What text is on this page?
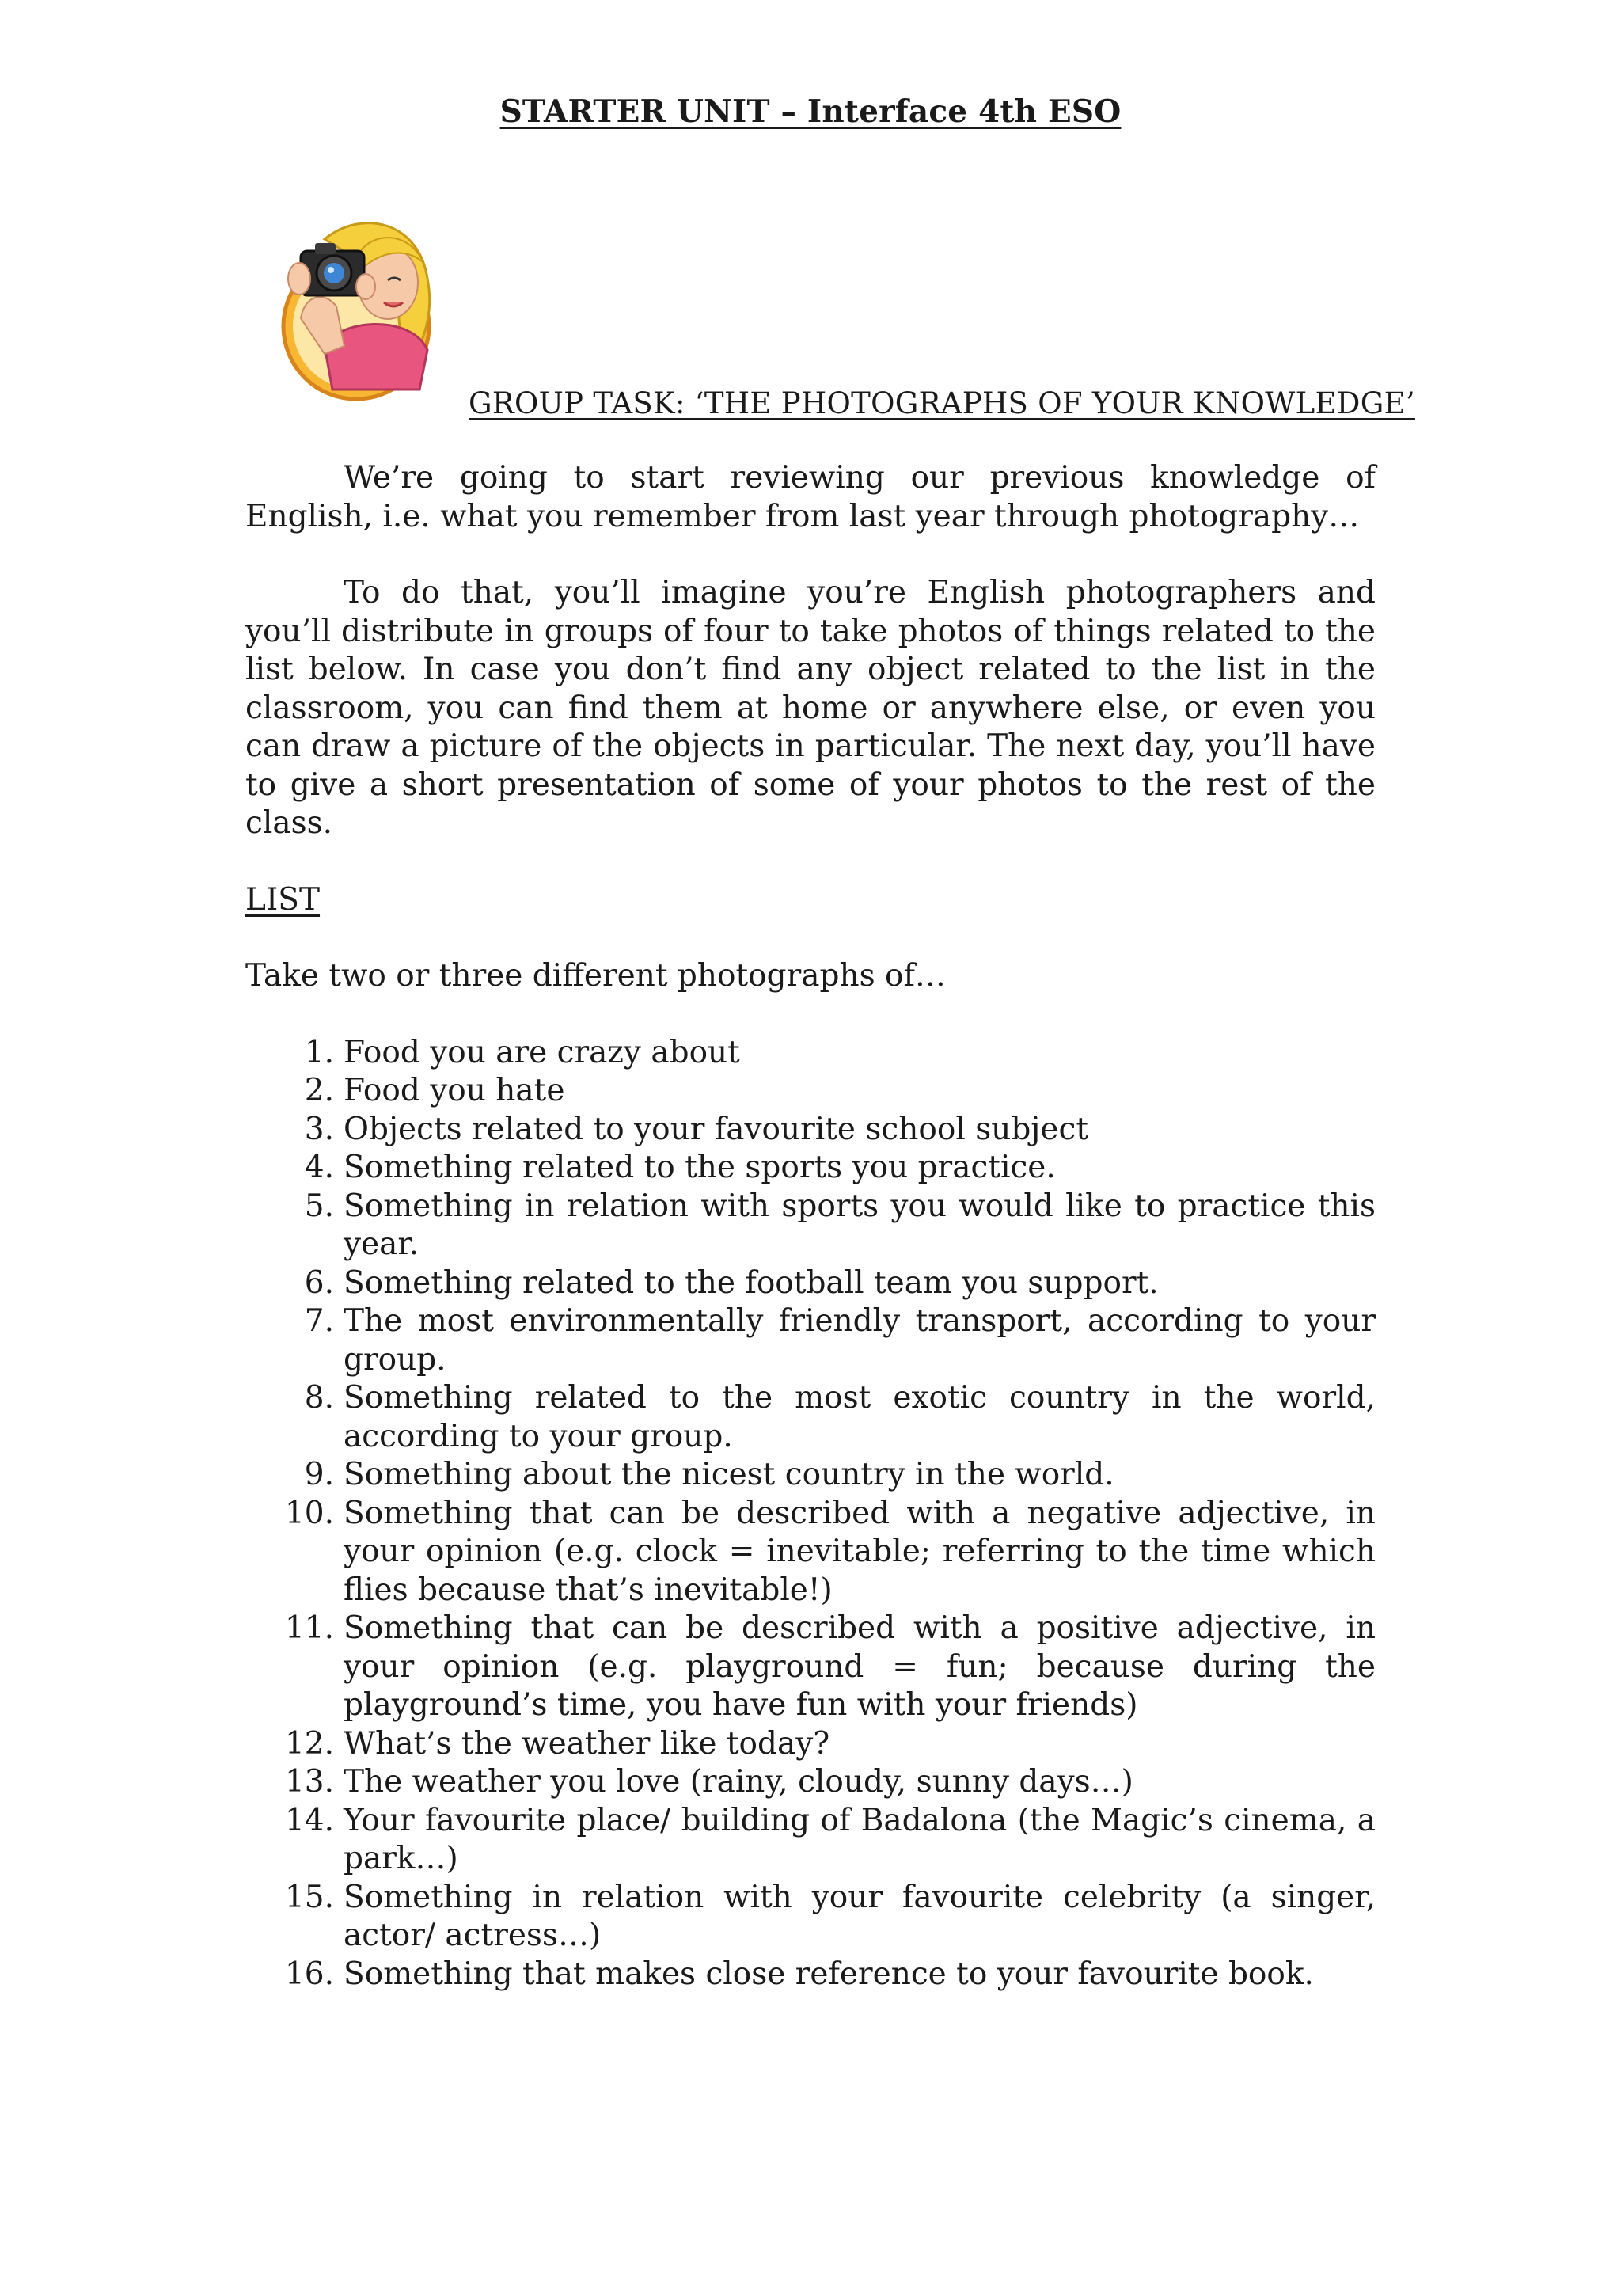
STARTER UNIT – Interface 4th ESO
GROUP TASK: ‘THE PHOTOGRAPHS OF YOUR KNOWLEDGE’

We’re going to start reviewing our previous knowledge of English, i.e. what you remember from last year through photography…

To do that, you’ll imagine you’re English photographers and you’ll distribute in groups of four to take photos of things related to the list below. In case you don’t find any object related to the list in the classroom, you can find them at home or anywhere else, or even you can draw a picture of the objects in particular. The next day, you’ll have to give a short presentation of some of your photos to the rest of the class.

LIST

Take two or three different photographs of…

1. Food you are crazy about
2. Food you hate
3. Objects related to your favourite school subject
4. Something related to the sports you practice.
5. Something in relation with sports you would like to practice this year.
6. Something related to the football team you support.
7. The most environmentally friendly transport, according to your group.
8. Something related to the most exotic country in the world, according to your group.
9. Something about the nicest country in the world.
10. Something that can be described with a negative adjective, in your opinion (e.g. clock = inevitable; referring to the time which flies because that’s inevitable!)
11. Something that can be described with a positive adjective, in your opinion (e.g. playground = fun; because during the playground’s time, you have fun with your friends)
12. What’s the weather like today?
13. The weather you love (rainy, cloudy, sunny days…)
14. Your favourite place/ building of Badalona (the Magic’s cinema, a park…)
15. Something in relation with your favourite celebrity (a singer, actor/ actress…)
16. Something that makes close reference to your favourite book.
